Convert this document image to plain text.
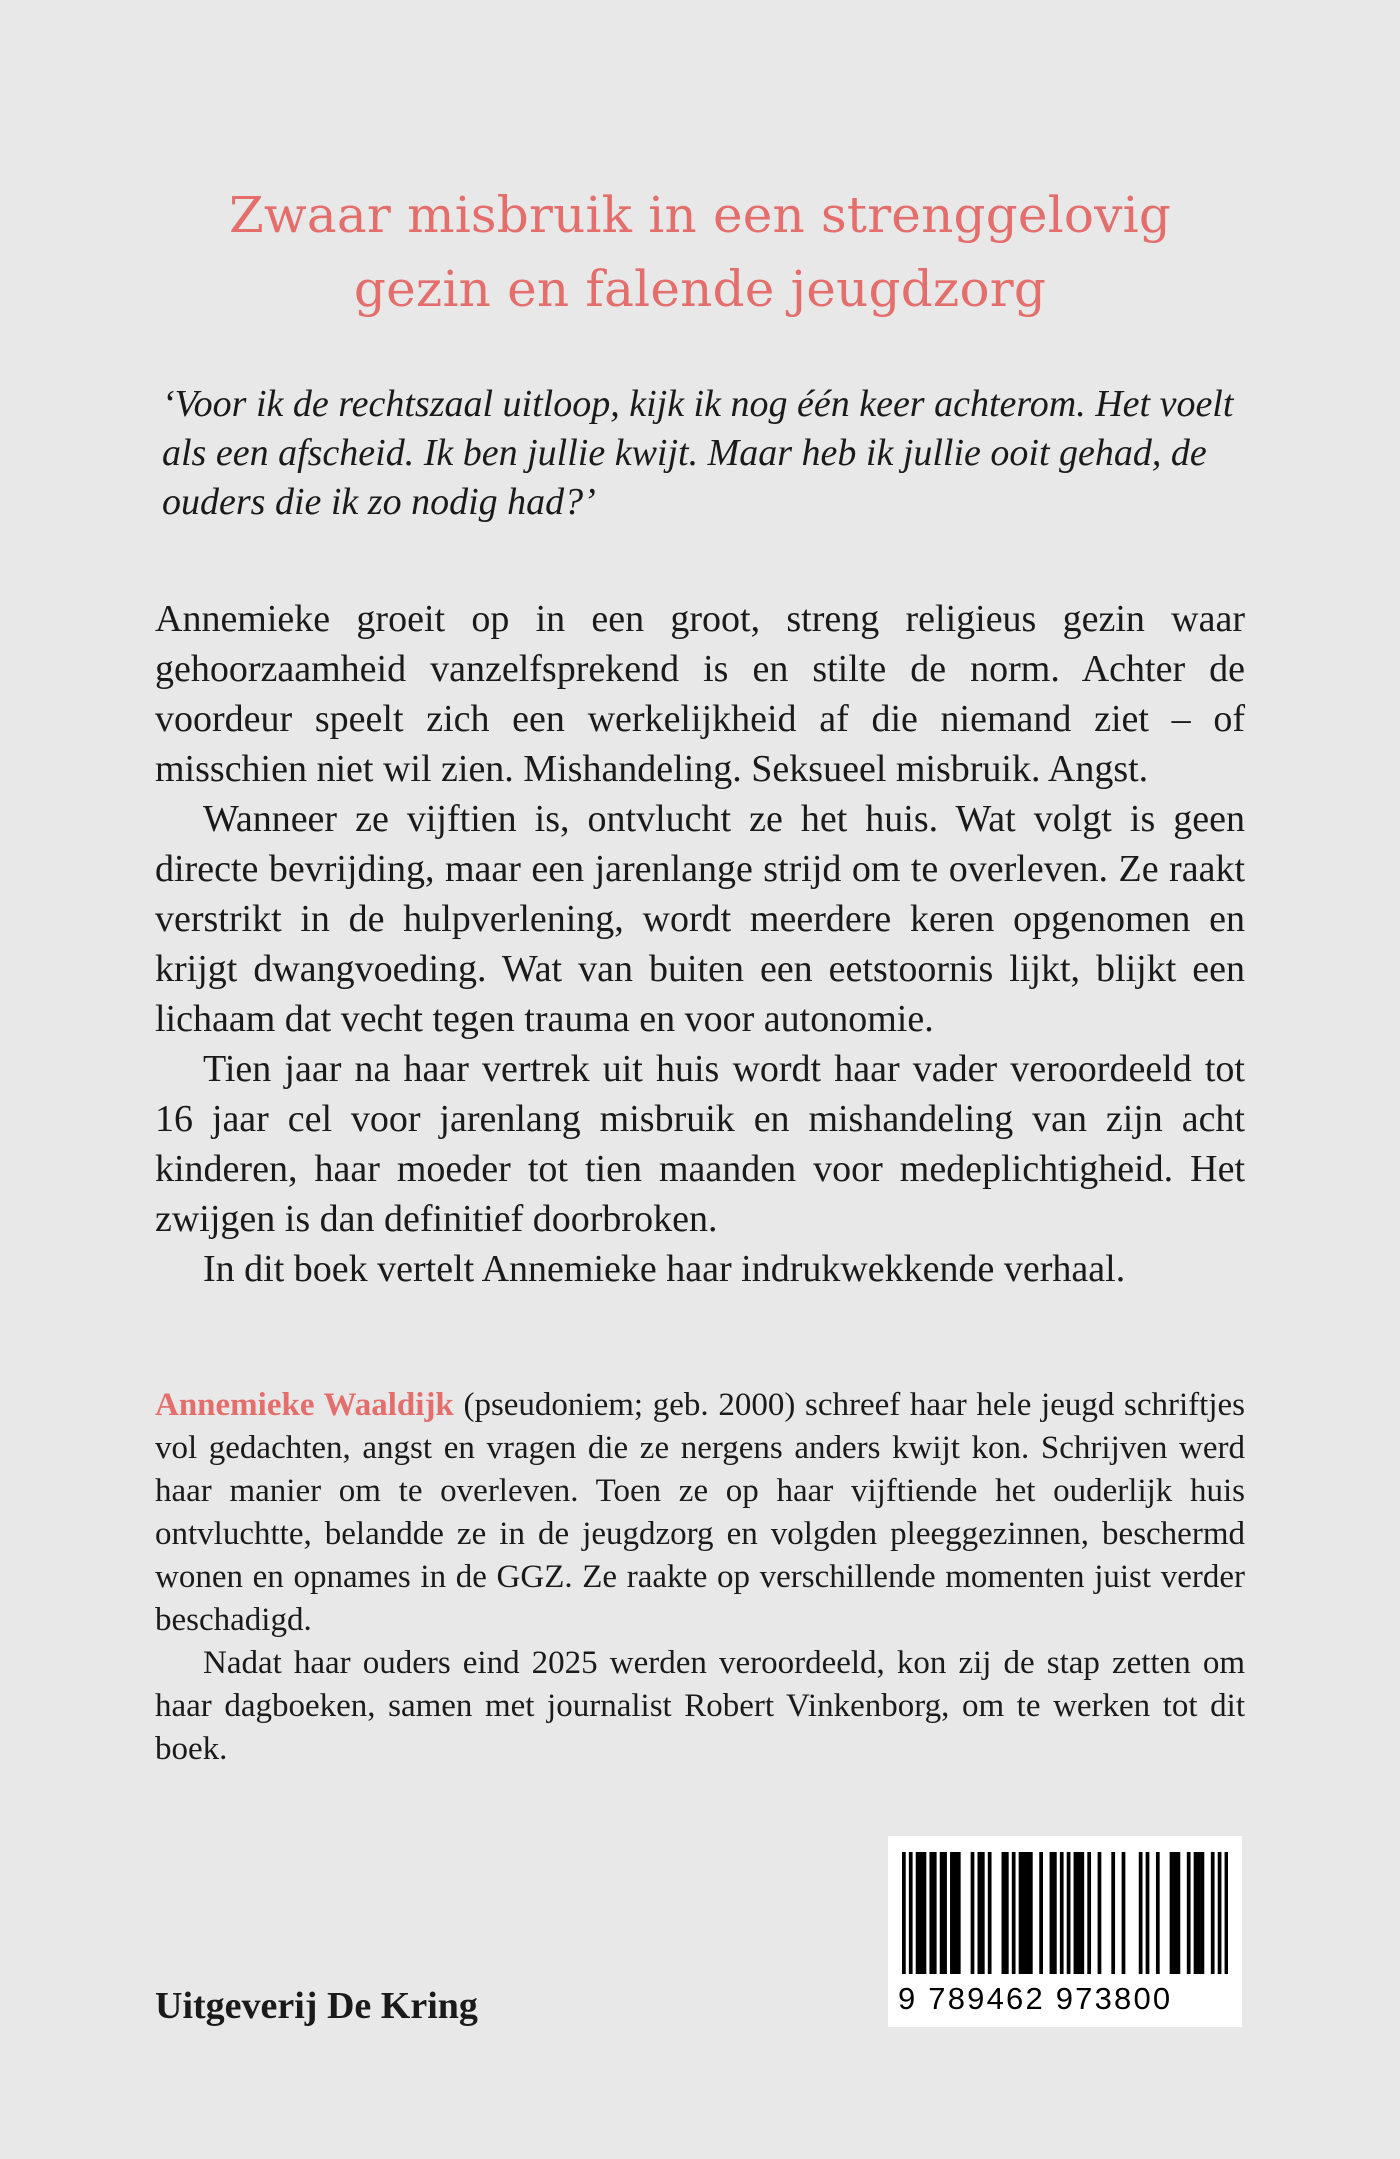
Zwaar misbruik in een strenggelovig
gezin en falende jeugdzorg
‘Voor ik de rechtszaal uitloop, kijk ik nog één keer achterom. Het voelt als een afscheid. Ik ben jullie kwijt. Maar heb ik jullie ooit gehad, de ouders die ik zo nodig had?’

Annemieke groeit op in een groot, streng religieus gezin waar gehoorzaamheid vanzelfsprekend is en stilte de norm. Achter de voordeur speelt zich een werkelijkheid af die niemand ziet – of misschien niet wil zien. Mishandeling. Seksueel misbruik. Angst.

Wanneer ze vijftien is, ontvlucht ze het huis. Wat volgt is geen directe bevrijding, maar een jarenlange strijd om te overleven. Ze raakt verstrikt in de hulpverlening, wordt meerdere keren opgenomen en krijgt dwangvoeding. Wat van buiten een eetstoornis lijkt, blijkt een lichaam dat vecht tegen trauma en voor autonomie.

Tien jaar na haar vertrek uit huis wordt haar vader veroordeeld tot 16 jaar cel voor jarenlang misbruik en mishandeling van zijn acht kinderen, haar moeder tot tien maanden voor medeplichtigheid. Het zwijgen is dan definitief doorbroken.

In dit boek vertelt Annemieke haar indrukwekkende verhaal.

Annemieke Waaldijk (pseudoniem; geb. 2000) schreef haar hele jeugd schriftjes vol gedachten, angst en vragen die ze nergens anders kwijt kon. Schrijven werd haar manier om te overleven. Toen ze op haar vijftiende het ouderlijk huis ontvluchtte, belandde ze in de jeugdzorg en volgden pleeggezinnen, beschermd wonen en opnames in de GGZ. Ze raakte op verschillende momenten juist verder beschadigd.

Nadat haar ouders eind 2025 werden veroordeeld, kon zij de stap zetten om haar dagboeken, samen met journalist Robert Vinkenborg, om te werken tot dit boek.

Uitgeverij De Kring	9 789462 973800
